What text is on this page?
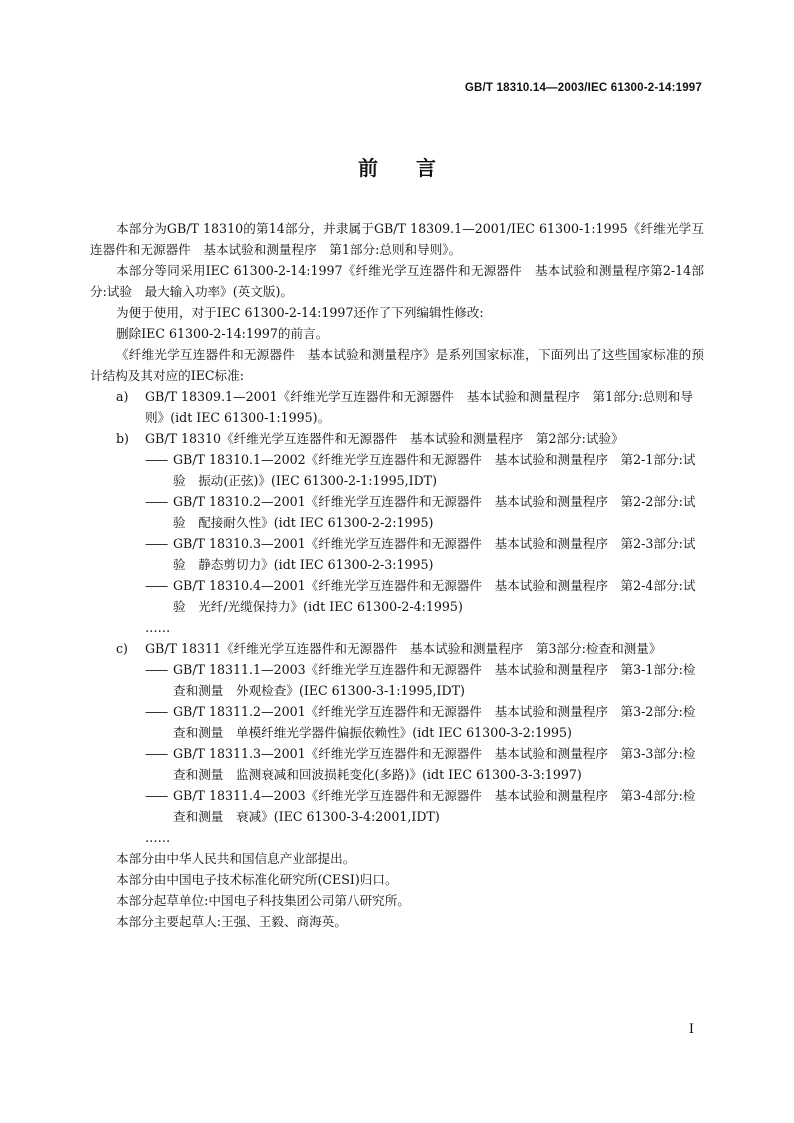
GB/T 18310.14—2003/IEC 61300-2-14:1997
前言

本部分为GB/T 18310的第14部分，并隶属于GB/T 18309.1—2001/IEC 61300-1:1995《纤维光学互连器件和无源器件　基本试验和测量程序　第1部分:总则和导则》。

本部分等同采用IEC 61300-2-14:1997《纤维光学互连器件和无源器件　基本试验和测量程序第2-14部分:试验　最大输入功率》(英文版)。

为便于使用，对于IEC 61300-2-14:1997还作了下列编辑性修改:

删除IEC 61300-2-14:1997的前言。

《纤维光学互连器件和无源器件　基本试验和测量程序》是系列国家标准，下面列出了这些国家标准的预计结构及其对应的IEC标准:

a) GB/T 18309.1—2001《纤维光学互连器件和无源器件　基本试验和测量程序　第1部分:总则和导则》(idt IEC 61300-1:1995)。

b) GB/T 18310《纤维光学互连器件和无源器件　基本试验和测量程序　第2部分:试验》

—— GB/T 18310.1—2002《纤维光学互连器件和无源器件　基本试验和测量程序　第2-1部分:试验　振动(正弦)》(IEC 61300-2-1:1995,IDT)

—— GB/T 18310.2—2001《纤维光学互连器件和无源器件　基本试验和测量程序　第2-2部分:试验　配接耐久性》(idt IEC 61300-2-2:1995)

—— GB/T 18310.3—2001《纤维光学互连器件和无源器件　基本试验和测量程序　第2-3部分:试验　静态剪切力》(idt IEC 61300-2-3:1995)

—— GB/T 18310.4—2001《纤维光学互连器件和无源器件　基本试验和测量程序　第2-4部分:试验　光纤/光缆保持力》(idt IEC 61300-2-4:1995)

……

c) GB/T 18311《纤维光学互连器件和无源器件　基本试验和测量程序　第3部分:检查和测量》

—— GB/T 18311.1—2003《纤维光学互连器件和无源器件　基本试验和测量程序　第3-1部分:检查和测量　外观检查》(IEC 61300-3-1:1995,IDT)

—— GB/T 18311.2—2001《纤维光学互连器件和无源器件　基本试验和测量程序　第3-2部分:检查和测量　单模纤维光学器件偏振依赖性》(idt IEC 61300-3-2:1995)

—— GB/T 18311.3—2001《纤维光学互连器件和无源器件　基本试验和测量程序　第3-3部分:检查和测量　监测衰减和回波损耗变化(多路)》(idt IEC 61300-3-3:1997)

—— GB/T 18311.4—2003《纤维光学互连器件和无源器件　基本试验和测量程序　第3-4部分:检查和测量　衰减》(IEC 61300-3-4:2001,IDT)

……

本部分由中华人民共和国信息产业部提出。

本部分由中国电子技术标准化研究所(CESI)归口。

本部分起草单位:中国电子科技集团公司第八研究所。

本部分主要起草人:王强、王毅、商海英。

I
